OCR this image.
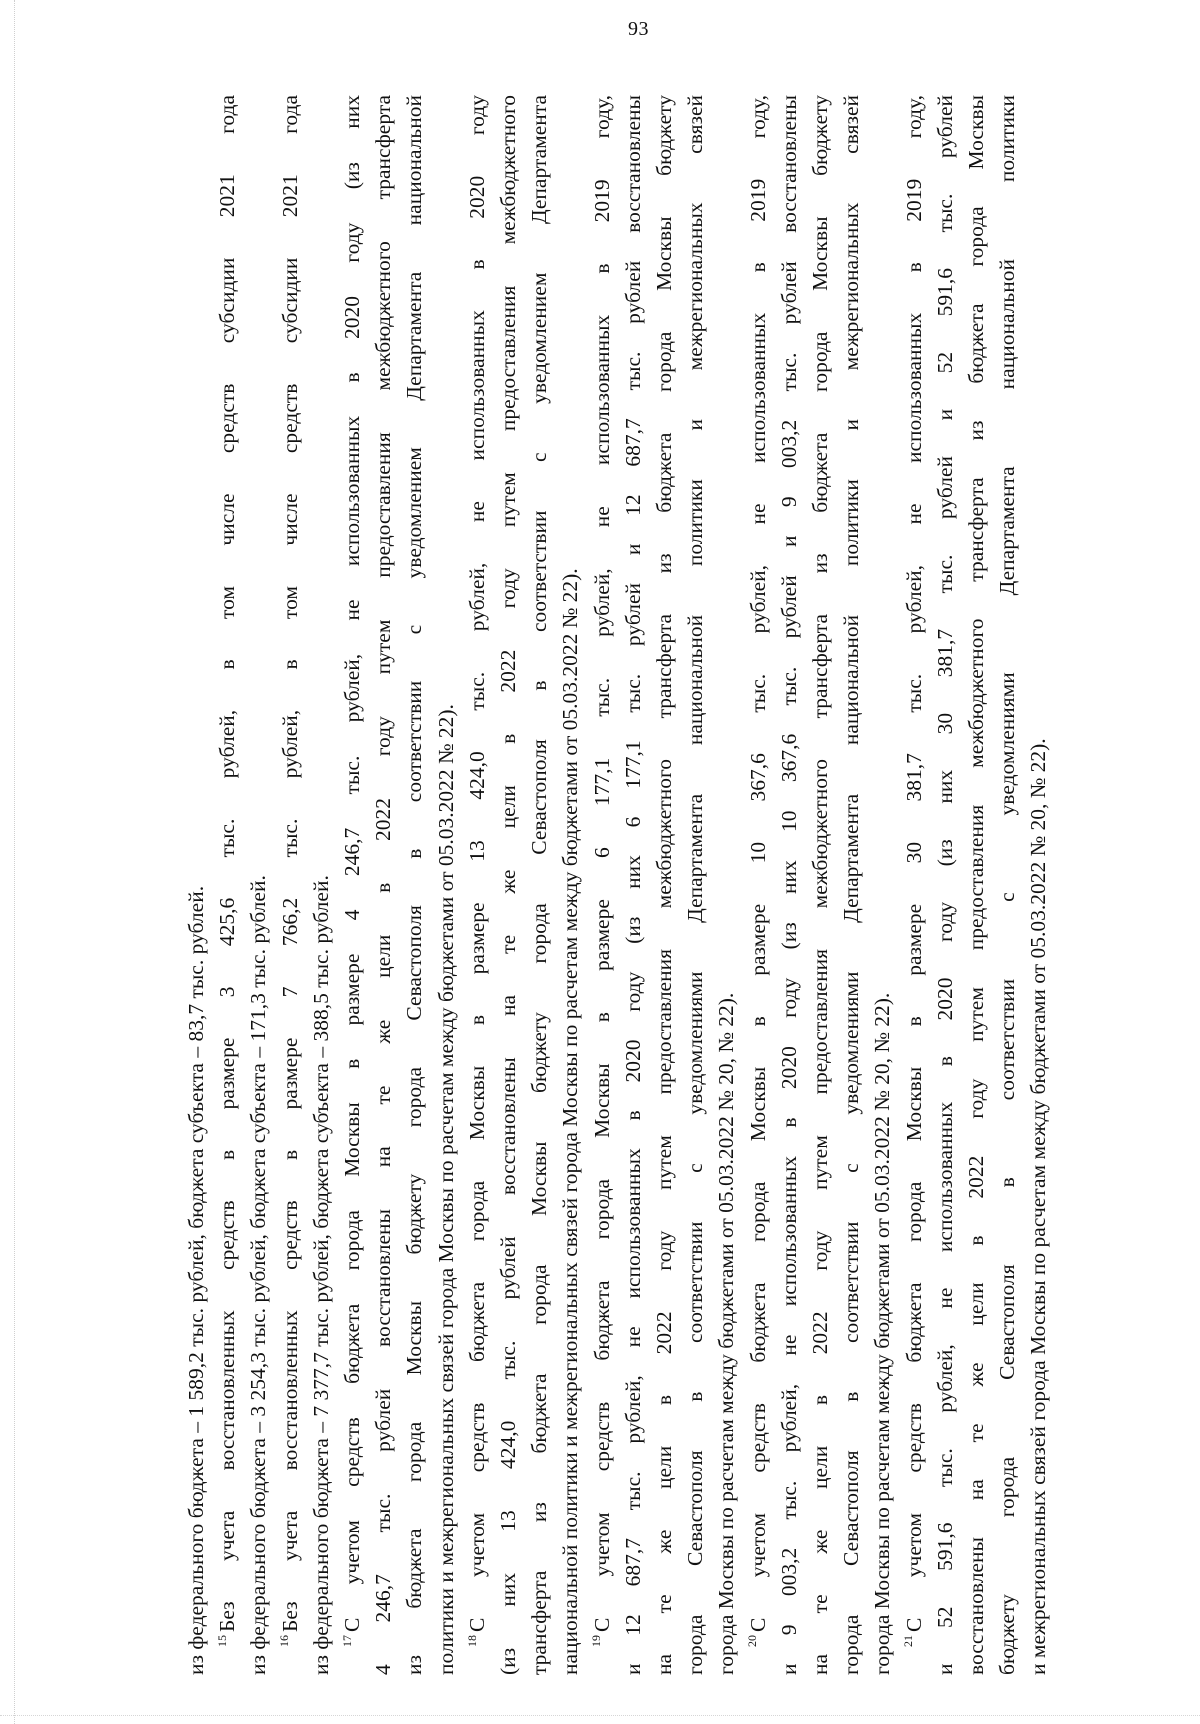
93
из федерального бюджета – 1 589,2 тыс. рублей, бюджета субъекта – 83,7 тыс. рублей. $^{15}$Без учета восстановленных средств в размере 3 425,6 тыс. рублей, в том числе средств субсидии 2021 года из федерального бюджета – 3 254,3 тыс. рублей, бюджета субъекта – 171,3 тыс. рублей. $^{16}$Без учета восстановленных средств в размере 7 766,2 тыс. рублей, в том числе средств субсидии 2021 года из федерального бюджета – 7 377,7 тыс. рублей, бюджета субъекта – 388,5 тыс. рублей. $^{17}$С учетом средств бюджета города Москвы в размере 4 246,7 тыс. рублей, не использованных в 2020 году (из них 4 246,7 тыс. рублей восстановлены на те же цели в 2022 году путем предоставления межбюджетного трансферта из бюджета города Москвы бюджету города Севастополя в соответствии с уведомлением Департамента национальной политики и межрегиональных связей города Москвы по расчетам между бюджетами от 05.03.2022 № 22). $^{18}$С учетом средств бюджета города Москвы в размере 13 424,0 тыс. рублей, не использованных в 2020 году (из них 13 424,0 тыс. рублей восстановлены на те же цели в 2022 году путем предоставления межбюджетного трансферта из бюджета города Москвы бюджету города Севастополя в соответствии с уведомлением Департамента национальной политики и межрегиональных связей города Москвы по расчетам между бюджетами от 05.03.2022 № 22). $^{19}$С учетом средств бюджета города Москвы в размере 6 177,1 тыс. рублей, не использованных в 2019 году, и 12 687,7 тыс. рублей, не использованных в 2020 году (из них 6 177,1 тыс. рублей и 12 687,7 тыс. рублей восстановлены на те же цели в 2022 году путем предоставления межбюджетного трансферта из бюджета города Москвы бюджету города Севастополя в соответствии с уведомлениями Департамента национальной политики и межрегиональных связей города Москвы по расчетам между бюджетами от 05.03.2022 № 20, № 22). $^{20}$С учетом средств бюджета города Москвы в размере 10 367,6 тыс. рублей, не использованных в 2019 году, и 9 003,2 тыс. рублей, не использованных в 2020 году (из них 10 367,6 тыс. рублей и 9 003,2 тыс. рублей восстановлены на те же цели в 2022 году путем предоставления межбюджетного трансферта из бюджета города Москвы бюджету города Севастополя в соответствии с уведомлениями Департамента национальной политики и межрегиональных связей города Москвы по расчетам между бюджетами от 05.03.2022 № 20, № 22). $^{21}$С учетом средств бюджета города Москвы в размере 30 381,7 тыс. рублей, не использованных в 2019 году, и 52 591,6 тыс. рублей, не использованных в 2020 году (из них 30 381,7 тыс. рублей и 52 591,6 тыс. рублей восстановлены на те же цели в 2022 году путем предоставления межбюджетного трансферта из бюджета города Москвы бюджету города Севастополя в соответствии с уведомлениями Департамента национальной политики и межрегиональных связей города Москвы по расчетам между бюджетами от 05.03.2022 № 20, № 22).
